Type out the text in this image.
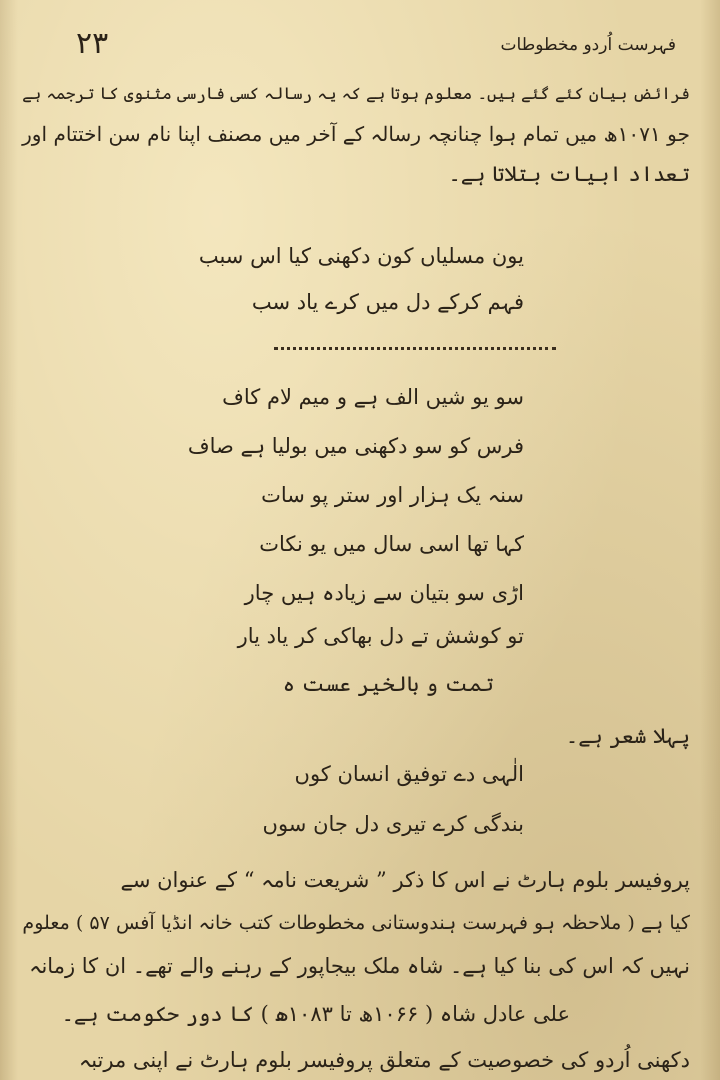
۲۳	فہرست اُردو مخطوطات
فرائض بیان کئے گئے ہیں۔ معلوم ہوتا ہے کہ یہ رسالہ کسی فارسی مثنوی کا ترجمہ ہے
جو ۱۰۷۱ھ میں تمام ہوا چنانچہ رسالہ کے آخر میں مصنف اپنا نام سن اختتام اور
تعداد ابیات بتلاتا ہے۔
یون مسلیاں کون دکھنی کیا اس سبب
فہم کرکے دل میں کرے یاد سب
سو یو شیں الف ہے و میم لام کاف
فرس کو سو دکھنی میں بولیا ہے صاف
سنہ یک ہزار اور ستر پو سات
کہا تھا اسی سال میں یو نکات
اڑی سو بتیان سے زیادہ ہیں چار
تو کوشش تے دل بھاکی کر یاد یار
تمت و بالخیر عست ہ
پہلا شعر ہے۔
الٰہی دے توفیق انسان کوں
بندگی کرے تیری دل جان سوں
پروفیسر بلوم ہارٹ نے اس کا ذکر ” شریعت نامہ “ کے عنوان سے
کیا ہے ( ملاحظہ ہو فہرست ہندوستانی مخطوطات کتب خانہ انڈیا آفس ۵۷ ) معلوم
نہیں کہ اس کی بنا کیا ہے۔ شاہ ملک بیجاپور کے رہنے والے تھے۔ ان کا زمانہ
علی عادل شاہ ( ۱۰۶۶ھ تا ۱۰۸۳ھ ) کا دور حکومت ہے۔
دکھنی اُردو کی خصوصیت کے متعلق پروفیسر بلوم ہارٹ نے اپنی مرتبہ
